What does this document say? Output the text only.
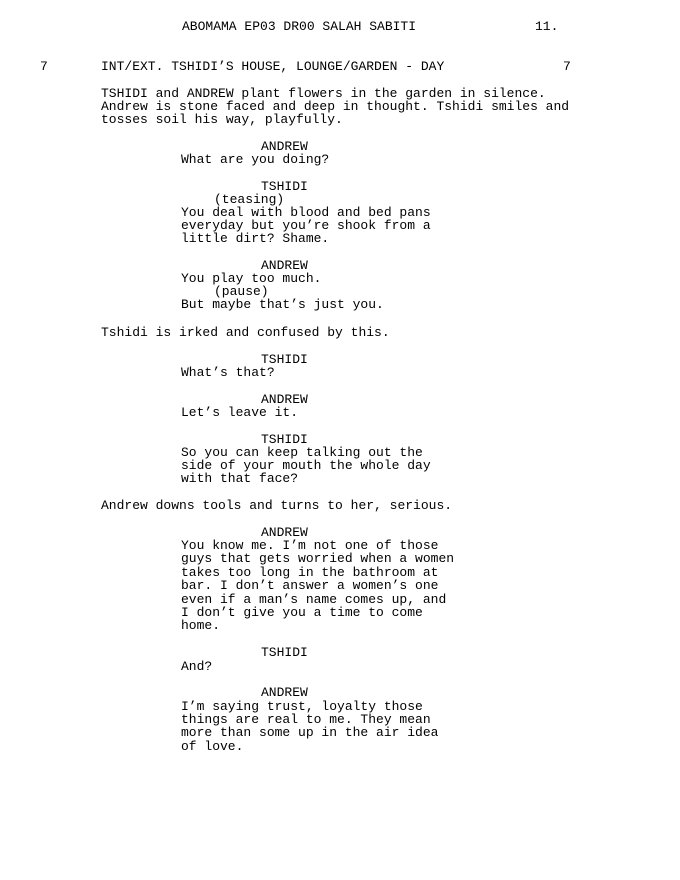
ABOMAMA EP03 DR00 SALAH SABITI	11.
7	INT/EXT. TSHIDI’S HOUSE, LOUNGE/GARDEN - DAY	7
TSHIDI and ANDREW plant flowers in the garden in silence.
Andrew is stone faced and deep in thought. Tshidi smiles and
tosses soil his way, playfully.
ANDREW
What are you doing?
TSHIDI
(teasing)
You deal with blood and bed pans
everyday but you’re shook from a
little dirt? Shame.
ANDREW
You play too much.
(pause)
But maybe that’s just you.
Tshidi is irked and confused by this.
TSHIDI
What’s that?
ANDREW
Let’s leave it.
TSHIDI
So you can keep talking out the
side of your mouth the whole day
with that face?
Andrew downs tools and turns to her, serious.
ANDREW
You know me. I’m not one of those
guys that gets worried when a women
takes too long in the bathroom at
bar. I don’t answer a women’s one
even if a man’s name comes up, and
I don’t give you a time to come
home.
TSHIDI
And?
ANDREW
I’m saying trust, loyalty those
things are real to me. They mean
more than some up in the air idea
of love.
